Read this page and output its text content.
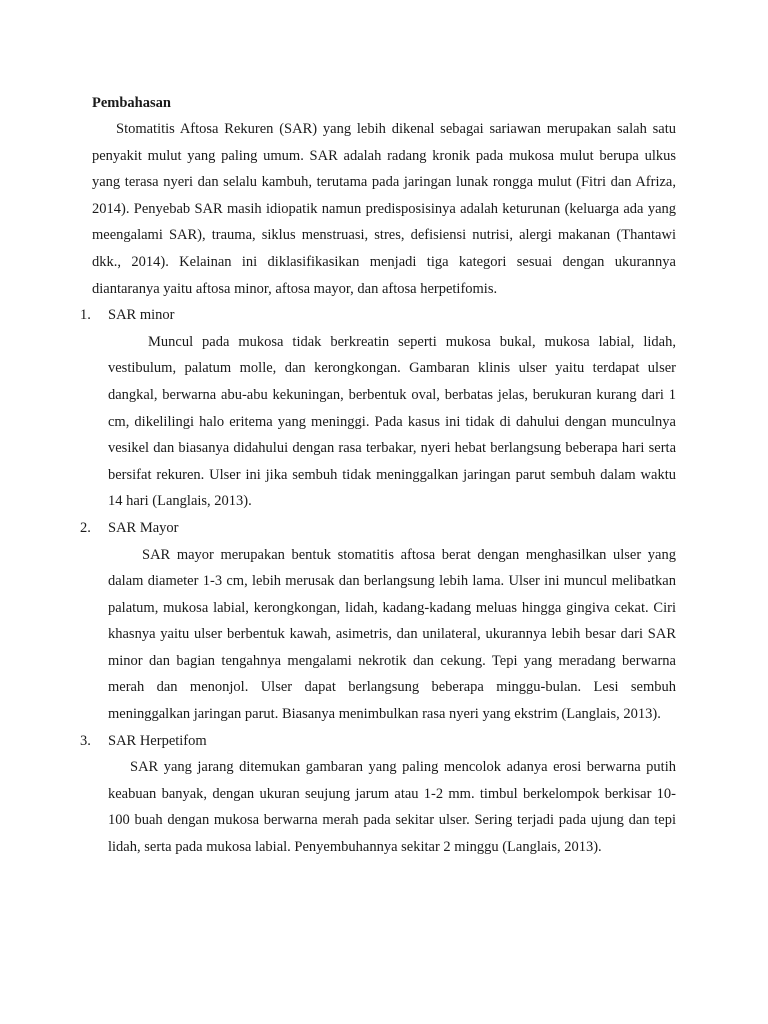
Pembahasan

Stomatitis Aftosa Rekuren (SAR) yang lebih dikenal sebagai sariawan merupakan salah satu penyakit mulut yang paling umum. SAR adalah radang kronik pada mukosa mulut berupa ulkus yang terasa nyeri dan selalu kambuh, terutama pada jaringan lunak rongga mulut (Fitri dan Afriza, 2014). Penyebab SAR masih idiopatik namun predisposisinya adalah keturunan (keluarga ada yang meengalami SAR), trauma, siklus menstruasi, stres, defisiensi nutrisi, alergi makanan (Thantawi dkk., 2014). Kelainan ini diklasifikasikan menjadi tiga kategori sesuai dengan ukurannya diantaranya yaitu aftosa minor, aftosa mayor, dan aftosa herpetifomis.

1.	SAR minor

Muncul pada mukosa tidak berkreatin seperti mukosa bukal, mukosa labial, lidah, vestibulum, palatum molle, dan kerongkongan. Gambaran klinis ulser yaitu terdapat ulser dangkal, berwarna abu-abu kekuningan, berbentuk oval, berbatas jelas, berukuran kurang dari 1 cm, dikelilingi halo eritema yang meninggi. Pada kasus ini tidak di dahului dengan munculnya vesikel dan biasanya didahului dengan rasa terbakar, nyeri hebat berlangsung beberapa hari serta bersifat rekuren. Ulser ini jika sembuh tidak meninggalkan jaringan parut sembuh dalam waktu 14 hari (Langlais, 2013).

2.	SAR Mayor

SAR mayor merupakan bentuk stomatitis aftosa berat dengan menghasilkan ulser yang dalam diameter 1-3 cm, lebih merusak dan berlangsung lebih lama. Ulser ini muncul melibatkan palatum, mukosa labial, kerongkongan, lidah, kadang-kadang meluas hingga gingiva cekat. Ciri khasnya yaitu ulser berbentuk kawah, asimetris, dan unilateral, ukurannya lebih besar dari SAR minor dan bagian tengahnya mengalami nekrotik dan cekung. Tepi yang meradang berwarna merah dan menonjol. Ulser dapat berlangsung beberapa minggu-bulan. Lesi sembuh meninggalkan jaringan parut. Biasanya menimbulkan rasa nyeri yang ekstrim (Langlais, 2013).

3.	SAR Herpetifom

SAR yang jarang ditemukan gambaran yang paling mencolok adanya erosi berwarna putih keabuan banyak, dengan ukuran seujung jarum atau 1-2 mm. timbul berkelompok berkisar 10-100 buah dengan mukosa berwarna merah pada sekitar ulser. Sering terjadi pada ujung dan tepi lidah, serta pada mukosa labial. Penyembuhannya sekitar 2 minggu (Langlais, 2013).
